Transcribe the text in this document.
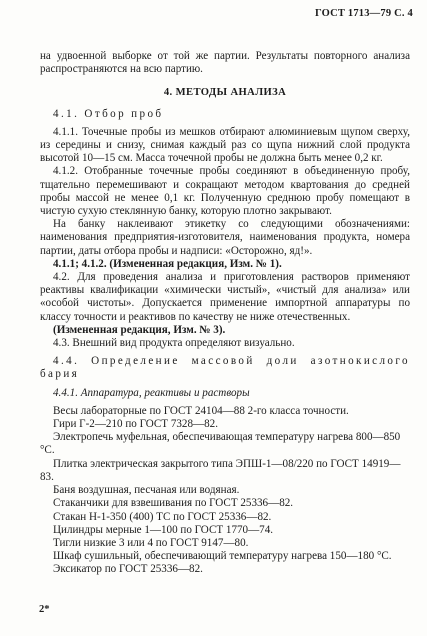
ГОСТ 1713—79 С. 4

на удвоенной выборке от той же партии. Результаты повторного анализа распространяются на всю партию.

4. МЕТОДЫ АНАЛИЗА

4.1. Отбор проб

4.1.1. Точечные пробы из мешков отбирают алюминиевым щупом сверху, из середины и снизу, снимая каждый раз со щупа нижний слой продукта высотой 10—15 см. Масса точечной пробы не должна быть менее 0,2 кг.

4.1.2. Отобранные точечные пробы соединяют в объединенную пробу, тщательно перемешивают и сокращают методом квартования до средней пробы массой не менее 0,1 кг. Полученную среднюю пробу помещают в чистую сухую стеклянную банку, которую плотно закрывают.

На банку наклеивают этикетку со следующими обозначениями: наименования предприятия-изготовителя, наименования продукта, номера партии, даты отбора пробы и надписи: «Осторожно, яд!».

4.1.1; 4.1.2. (Измененная редакция, Изм. № 1).

4.2. Для проведения анализа и приготовления растворов применяют реактивы квалификации «химически чистый», «чистый для анализа» или «особой чистоты». Допускается применение импортной аппаратуры по классу точности и реактивов по качеству не ниже отечественных.

(Измененная редакция, Изм. № 3).

4.3. Внешний вид продукта определяют визуально.

4.4. Определение массовой доли азотнокислого бария

4.4.1. Аппаратура, реактивы и растворы

Весы лабораторные по ГОСТ 24104—88 2-го класса точности.

Гири Г-2—210 по ГОСТ 7328—82.

Электропечь муфельная, обеспечивающая температуру нагрева 800—850 °С.

Плитка электрическая закрытого типа ЭПШ-1—08/220 по ГОСТ 14919—83.

Баня воздушная, песчаная или водяная.

Стаканчики для взвешивания по ГОСТ 25336—82.

Стакан Н-1-350 (400) ТС по ГОСТ 25336—82.

Цилиндры мерные 1—100 по ГОСТ 1770—74.

Тигли низкие 3 или 4 по ГОСТ 9147—80.

Шкаф сушильный, обеспечивающий температуру нагрева 150—180 °С.

Эксикатор по ГОСТ 25336—82.

2*
